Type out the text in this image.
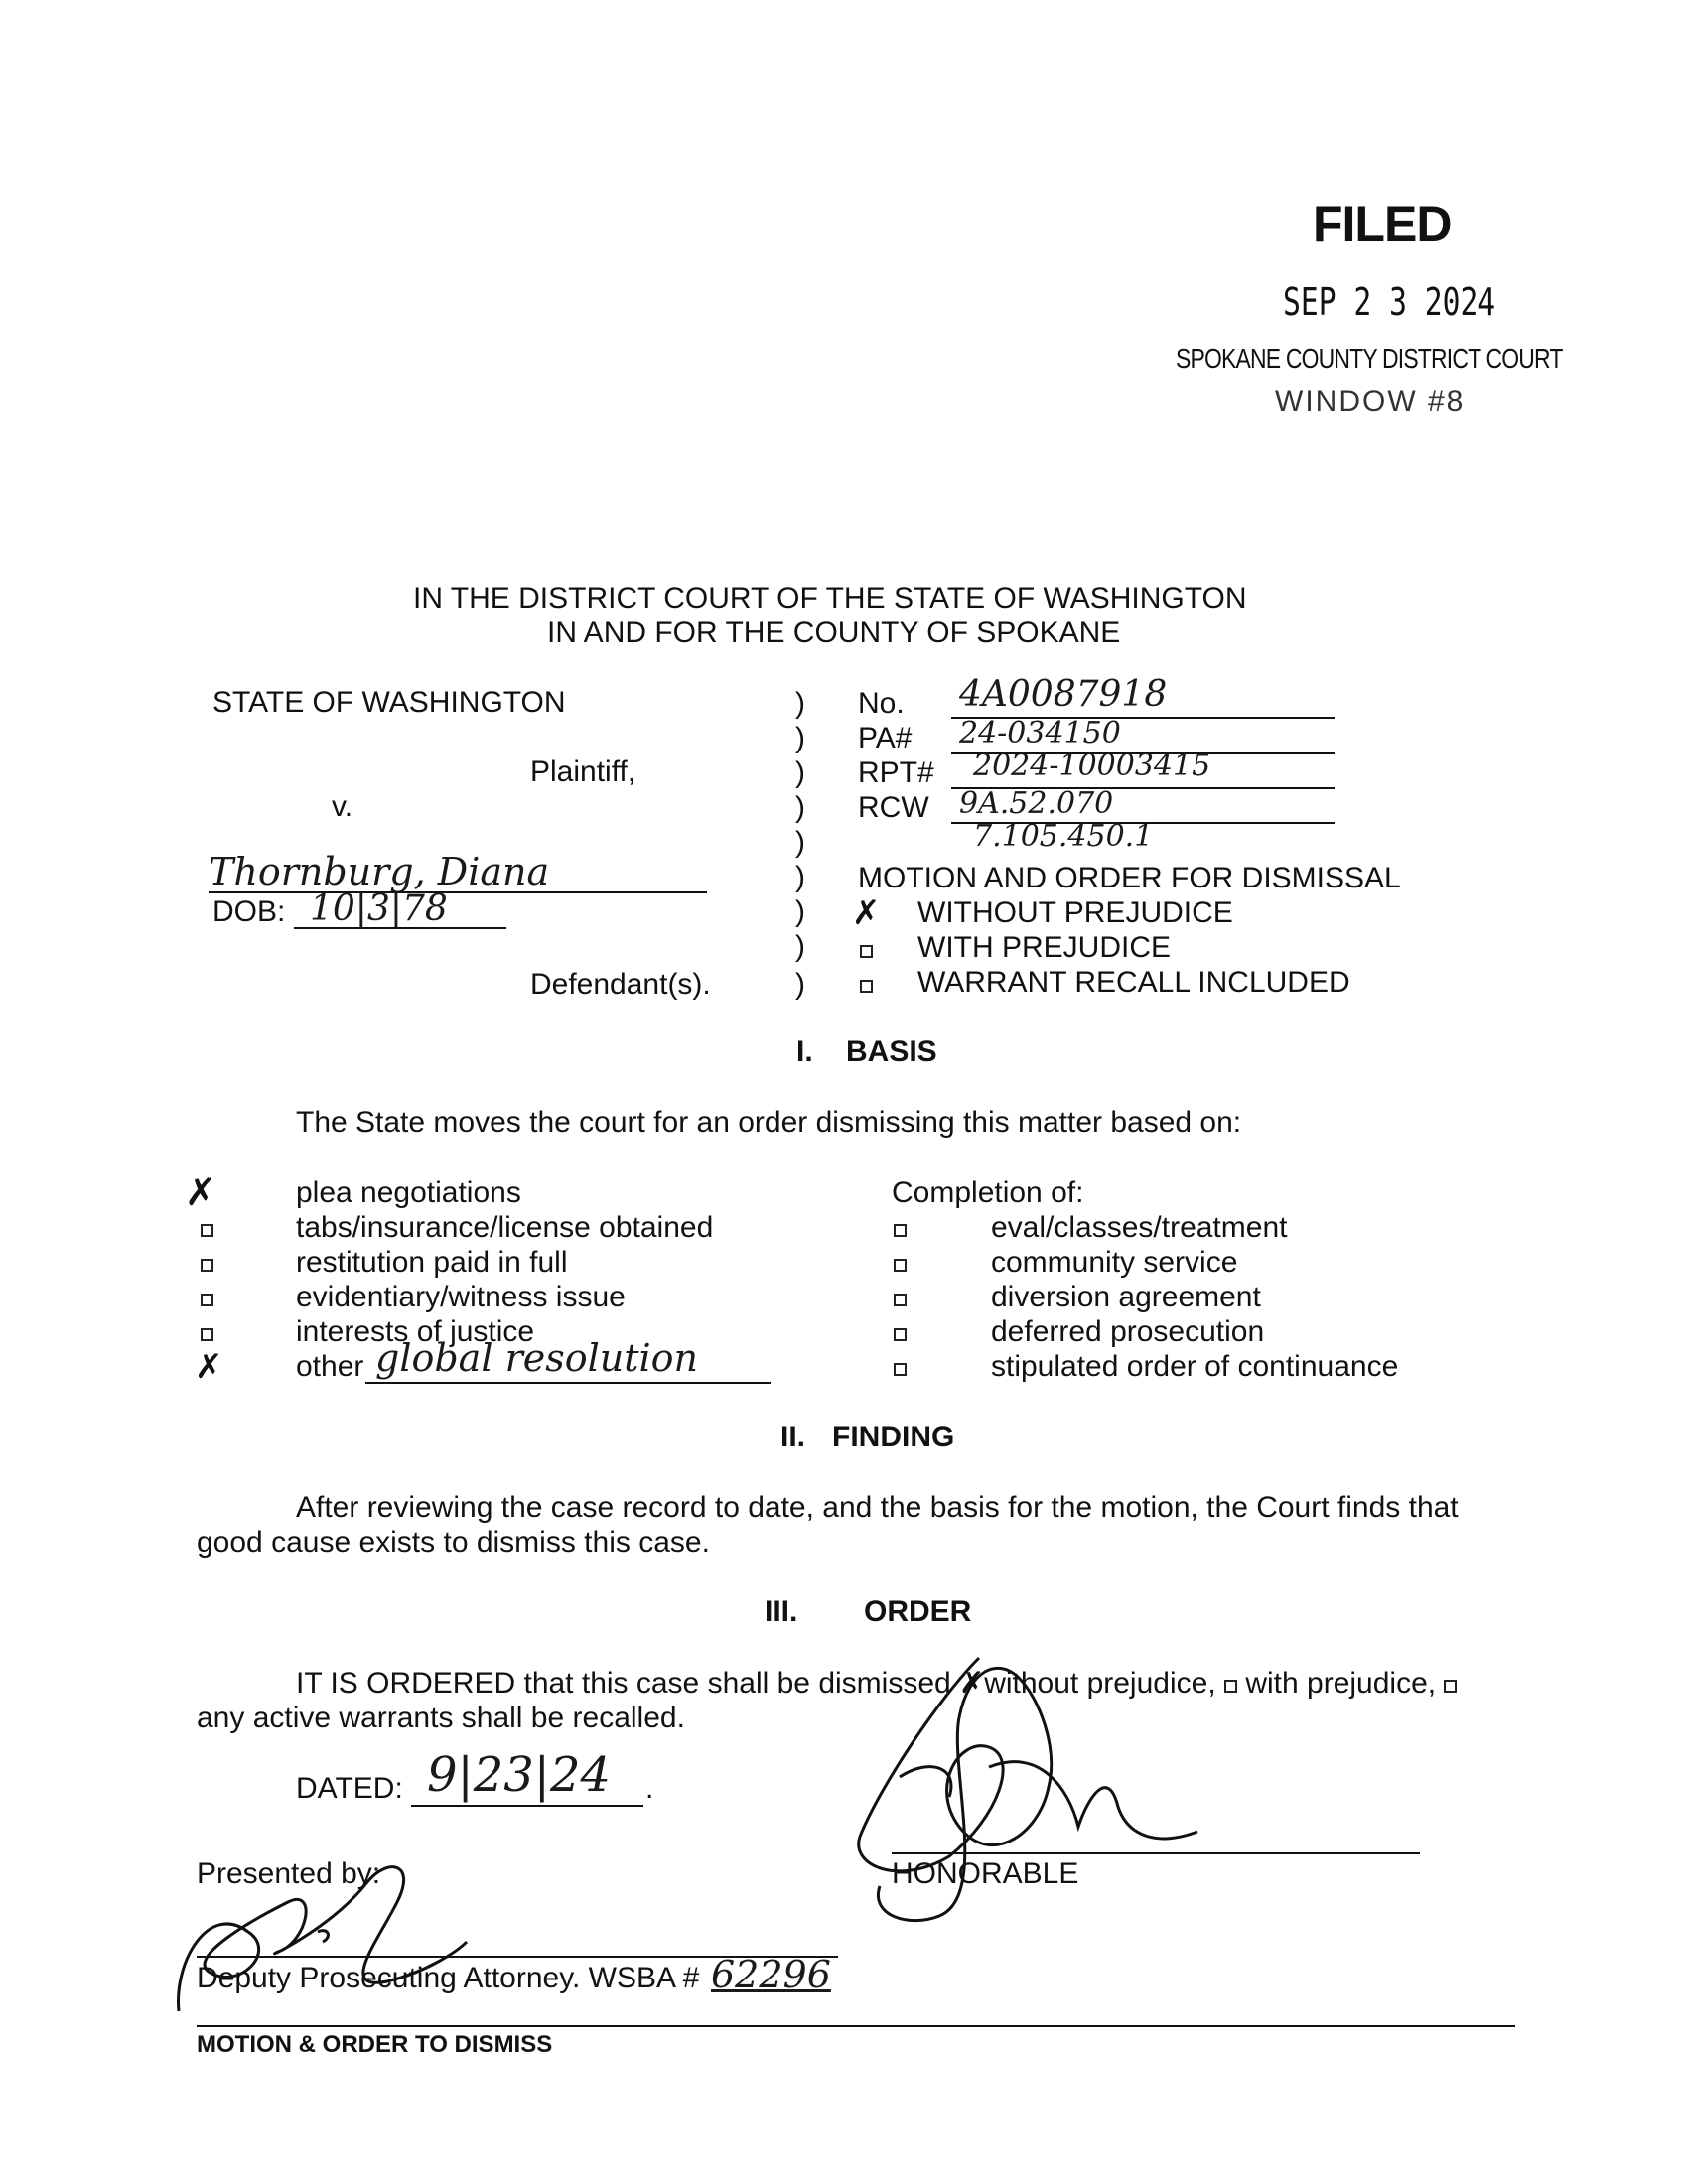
FILED
SEP 2 3 2024
SPOKANE COUNTY DISTRICT COURT
WINDOW #8
IN THE DISTRICT COURT OF THE STATE OF WASHINGTON
IN AND FOR THE COUNTY OF SPOKANE
STATE OF WASHINGTON
Plaintiff,
v.
Thornburg, Diana
DOB: 10|3|78
Defendant(s).
)
)
)
)
)
)
)
)
)
No. 4A0087918
PA# 24-034150
RPT# 2024-10003415
RCW 9A.52.070
7.105.450.1
MOTION AND ORDER FOR DISMISSAL
✗ WITHOUT PREJUDICE
WITH PREJUDICE
WARRANT RECALL INCLUDED
I. BASIS
The State moves the court for an order dismissing this matter based on:
✗	plea negotiations
tabs/insurance/license obtained
restitution paid in full
evidentiary/witness issue
interests of justice
✗ other global resolution
Completion of:
eval/classes/treatment
community service
diversion agreement
deferred prosecution
stipulated order of continuance
II. FINDING
After reviewing the case record to date, and the basis for the motion, the Court finds that
good cause exists to dismiss this case.
III. ORDER
IT IS ORDERED that this case shall be dismissed ✗without prejudice, with prejudice,
any active warrants shall be recalled.
DATED: 9|23|24 .
HONORABLE
Presented by:
Deputy Prosecuting Attorney. WSBA # 62296
MOTION & ORDER TO DISMISS
